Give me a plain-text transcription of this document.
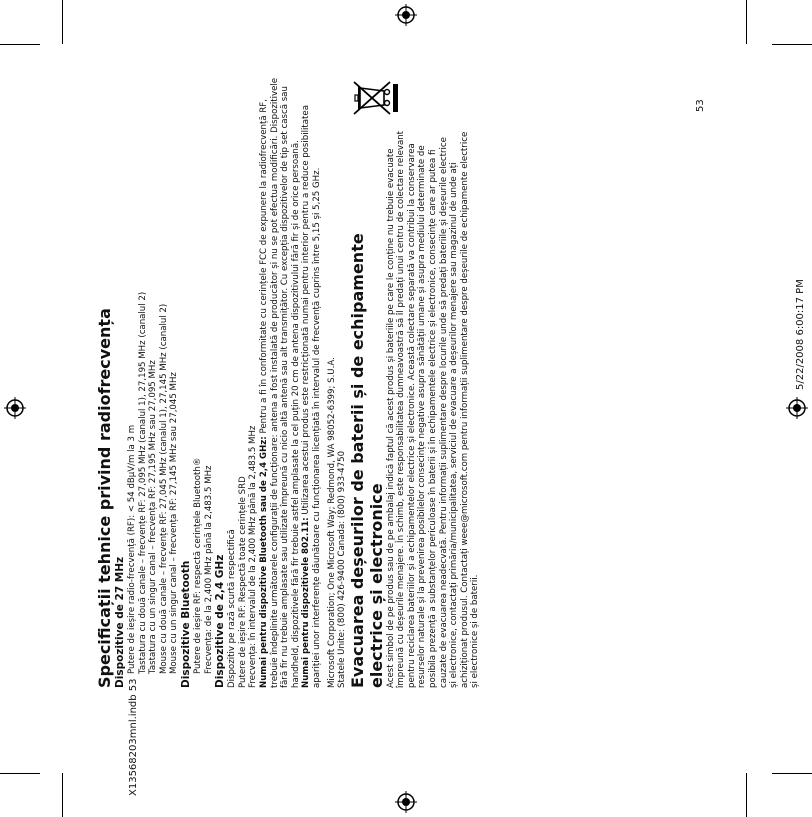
X13568203mnl.indb 53
5/22/2008 6:00:17 PM
53

Specificații tehnice privind radiofrecvența Dispozitive de 27 MHz Putere de ieșire radio-frecvență (RF): < 54 dBμV/m la 3 m Tastatura cu două canale – frecvențe RF: 27,095 MHz (canalul 1), 27,195 MHz (canalul 2) Tastatura cu un singur canal – frecvența RF: 27,195 MHz sau 27,095 MHz Mouse cu două canale – frecvențe RF: 27,045 MHz (canalul 1), 27,145 MHz (canalul 2) Mouse cu un singur canal – frecvența RF: 27,145 MHz sau 27,045 MHz Dispozitive Bluetooth Putere de ieșire RF: respectă cerințele Bluetooth® Frecvența: de la 2,400 MHz până la 2,483.5 MHz Dispozitive de 2,4 GHz Dispozitiv pe rază scurtă respectifică Putere de ieșire RF: Respectă toate cerințele SRD Frecvența: în intervalul de la 2,400 MHz până la 2,483.5 MHz Numai pentru dispozitive Bluetooth sau de 2,4 GHz: Pentru a fi în conformitate cu cerințele FCC de expunere la radiofrecvență RF, trebuie îndeplinite următoarele configurații de funcționare: antena a fost instalată de producător și nu se pot efectua modificări. Dispozitivele fără fir nu trebuie amplasate sau utilizate împreună cu nicio altă antenă sau alt transmițător. Cu excepția dispozitivelor de tip set cască sau handheld, dispozitivele fără fir trebuie astfel amplasate la cel puțin 20 cm de antena dispozitivului fără fir și de orice persoană. Numai pentru dispozitivele 802.11: Utilizarea acestui produs este restricționată numai pentru interior pentru a reduce posibilitatea apariției unor interferențe dăunătoare cu funcționarea licențiată în intervalul de frecvență cuprins între 5,15 și 5,25 GHz. Microsoft Corporation; One Microsoft Way; Redmond, WA 98052-6399; S.U.A. Statele Unite: (800) 426-9400 Canada: (800) 933-4750 Evacuarea deșeurilor de baterii și de echipamente electrice și electronice Acest simbol de pe produs sau de pe ambalaj indică faptul că acest produs și bateriile pe care le conține nu trebuie evacuate împreună cu deșeurile menajere. În schimb, este responsabilitatea dumneavoastră să îl predați unui centru de colectare relevant pentru reciclarea bateriilor și a echipamentelor electrice și electronice. Această colectare separată va contribui la conservarea resurselor naturale și la prevenirea posibilelor consecințe negative asupra sănătății umane și asupra mediului determinate de posibila prezență a substanțelor periculoase în baterii și în echipamentele electrice și electronice, consecințe care ar putea fi cauzate de evacuarea neadecvată. Pentru informații suplimentare despre locurile unde să predați bateriile și deșeurile electrice și electronice, contactați primăria/municipalitatea, serviciul de evacuare a deșeurilor menajere sau magazinul de unde ați achiziționat produsul. Contactați weee@microsoft.com pentru informații suplimentare despre deșeurile de echipamente electrice și electronice și de baterii.
